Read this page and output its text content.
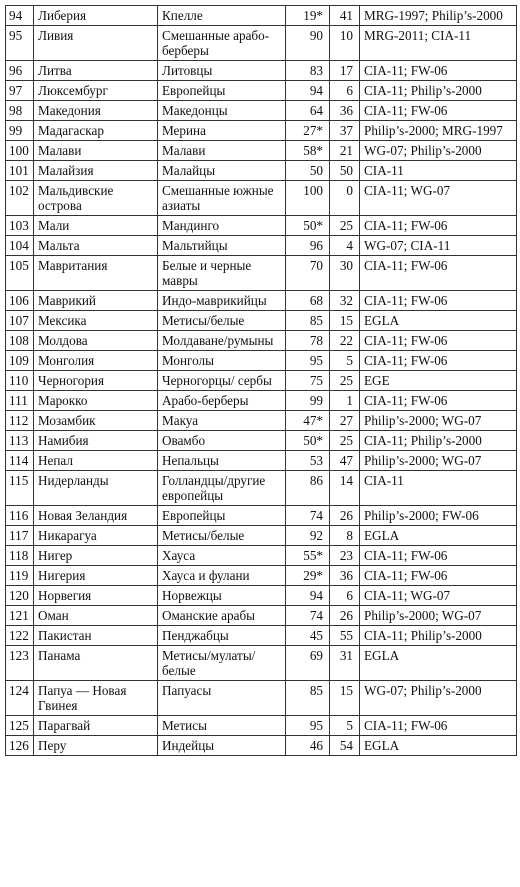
94	Либерия	Кпелле	19*	41	MRG-1997; Philip’s-2000
95	Ливия	Смешанные арабо-берберы	90	10	MRG-2011; CIA-11
96	Литва	Литовцы	83	17	CIA-11; FW-06
97	Люксембург	Европейцы	94	6	CIA-11; Philip’s-2000
98	Македония	Македонцы	64	36	CIA-11; FW-06
99	Мадагаскар	Мерина	27*	37	Philip’s-2000; MRG-1997
100	Малави	Малави	58*	21	WG-07; Philip’s-2000
101	Малайзия	Малайцы	50	50	CIA-11
102	Мальдивские острова	Смешанные южные азиаты	100	0	CIA-11; WG-07
103	Мали	Мандинго	50*	25	CIA-11; FW-06
104	Мальта	Мальтийцы	96	4	WG-07; CIA-11
105	Мавритания	Белые и черные мавры	70	30	CIA-11; FW-06
106	Маврикий	Индо-маврикийцы	68	32	CIA-11; FW-06
107	Мексика	Метисы/белые	85	15	EGLA
108	Молдова	Молдаване/румыны	78	22	CIA-11; FW-06
109	Монголия	Монголы	95	5	CIA-11; FW-06
110	Черногория	Черногорцы/ сербы	75	25	EGE
111	Марокко	Арабо-берберы	99	1	CIA-11; FW-06
112	Мозамбик	Макуа	47*	27	Philip’s-2000; WG-07
113	Намибия	Овамбо	50*	25	CIA-11; Philip’s-2000
114	Непал	Непальцы	53	47	Philip’s-2000; WG-07
115	Нидерланды	Голландцы/другие европейцы	86	14	CIA-11
116	Новая Зеландия	Европейцы	74	26	Philip’s-2000; FW-06
117	Никарагуа	Метисы/белые	92	8	EGLA
118	Нигер	Хауса	55*	23	CIA-11; FW-06
119	Нигерия	Хауса и фулани	29*	36	CIA-11; FW-06
120	Норвегия	Норвежцы	94	6	CIA-11; WG-07
121	Оман	Оманские арабы	74	26	Philip’s-2000; WG-07
122	Пакистан	Пенджабцы	45	55	CIA-11; Philip’s-2000
123	Панама	Метисы/мулаты/ белые	69	31	EGLA
124	Папуа — Новая Гвинея	Папуасы	85	15	WG-07; Philip’s-2000
125	Парагвай	Метисы	95	5	CIA-11; FW-06
126	Перу	Индейцы	46	54	EGLA
